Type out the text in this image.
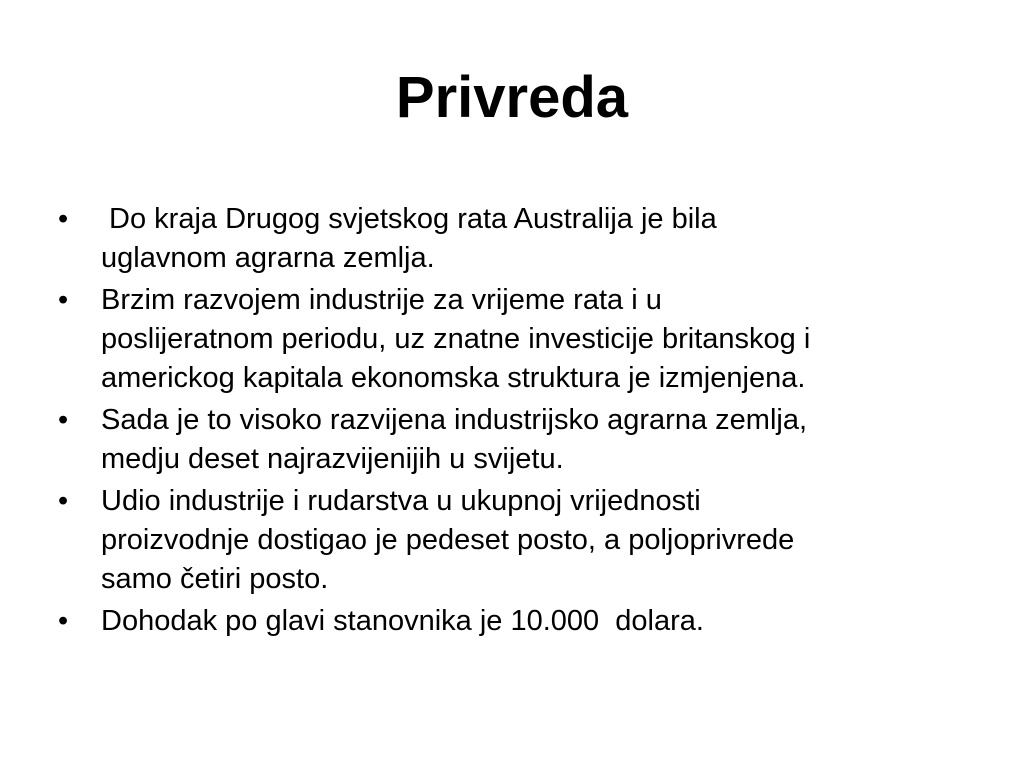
Privreda
• Do kraja Drugog svjetskog rata Australija je bila
uglavnom agrarna zemlja.
• Brzim razvojem industrije za vrijeme rata i u
poslijeratnom periodu, uz znatne investicije britanskog i
americkog kapitala ekonomska struktura je izmjenjena.
• Sada je to visoko razvijena industrijsko agrarna zemlja,
medju deset najrazvijenijih u svijetu.
• Udio industrije i rudarstva u ukupnoj vrijednosti
proizvodnje dostigao je pedeset posto, a poljoprivrede
samo četiri posto.
• Dohodak po glavi stanovnika je 10.000  dolara.
